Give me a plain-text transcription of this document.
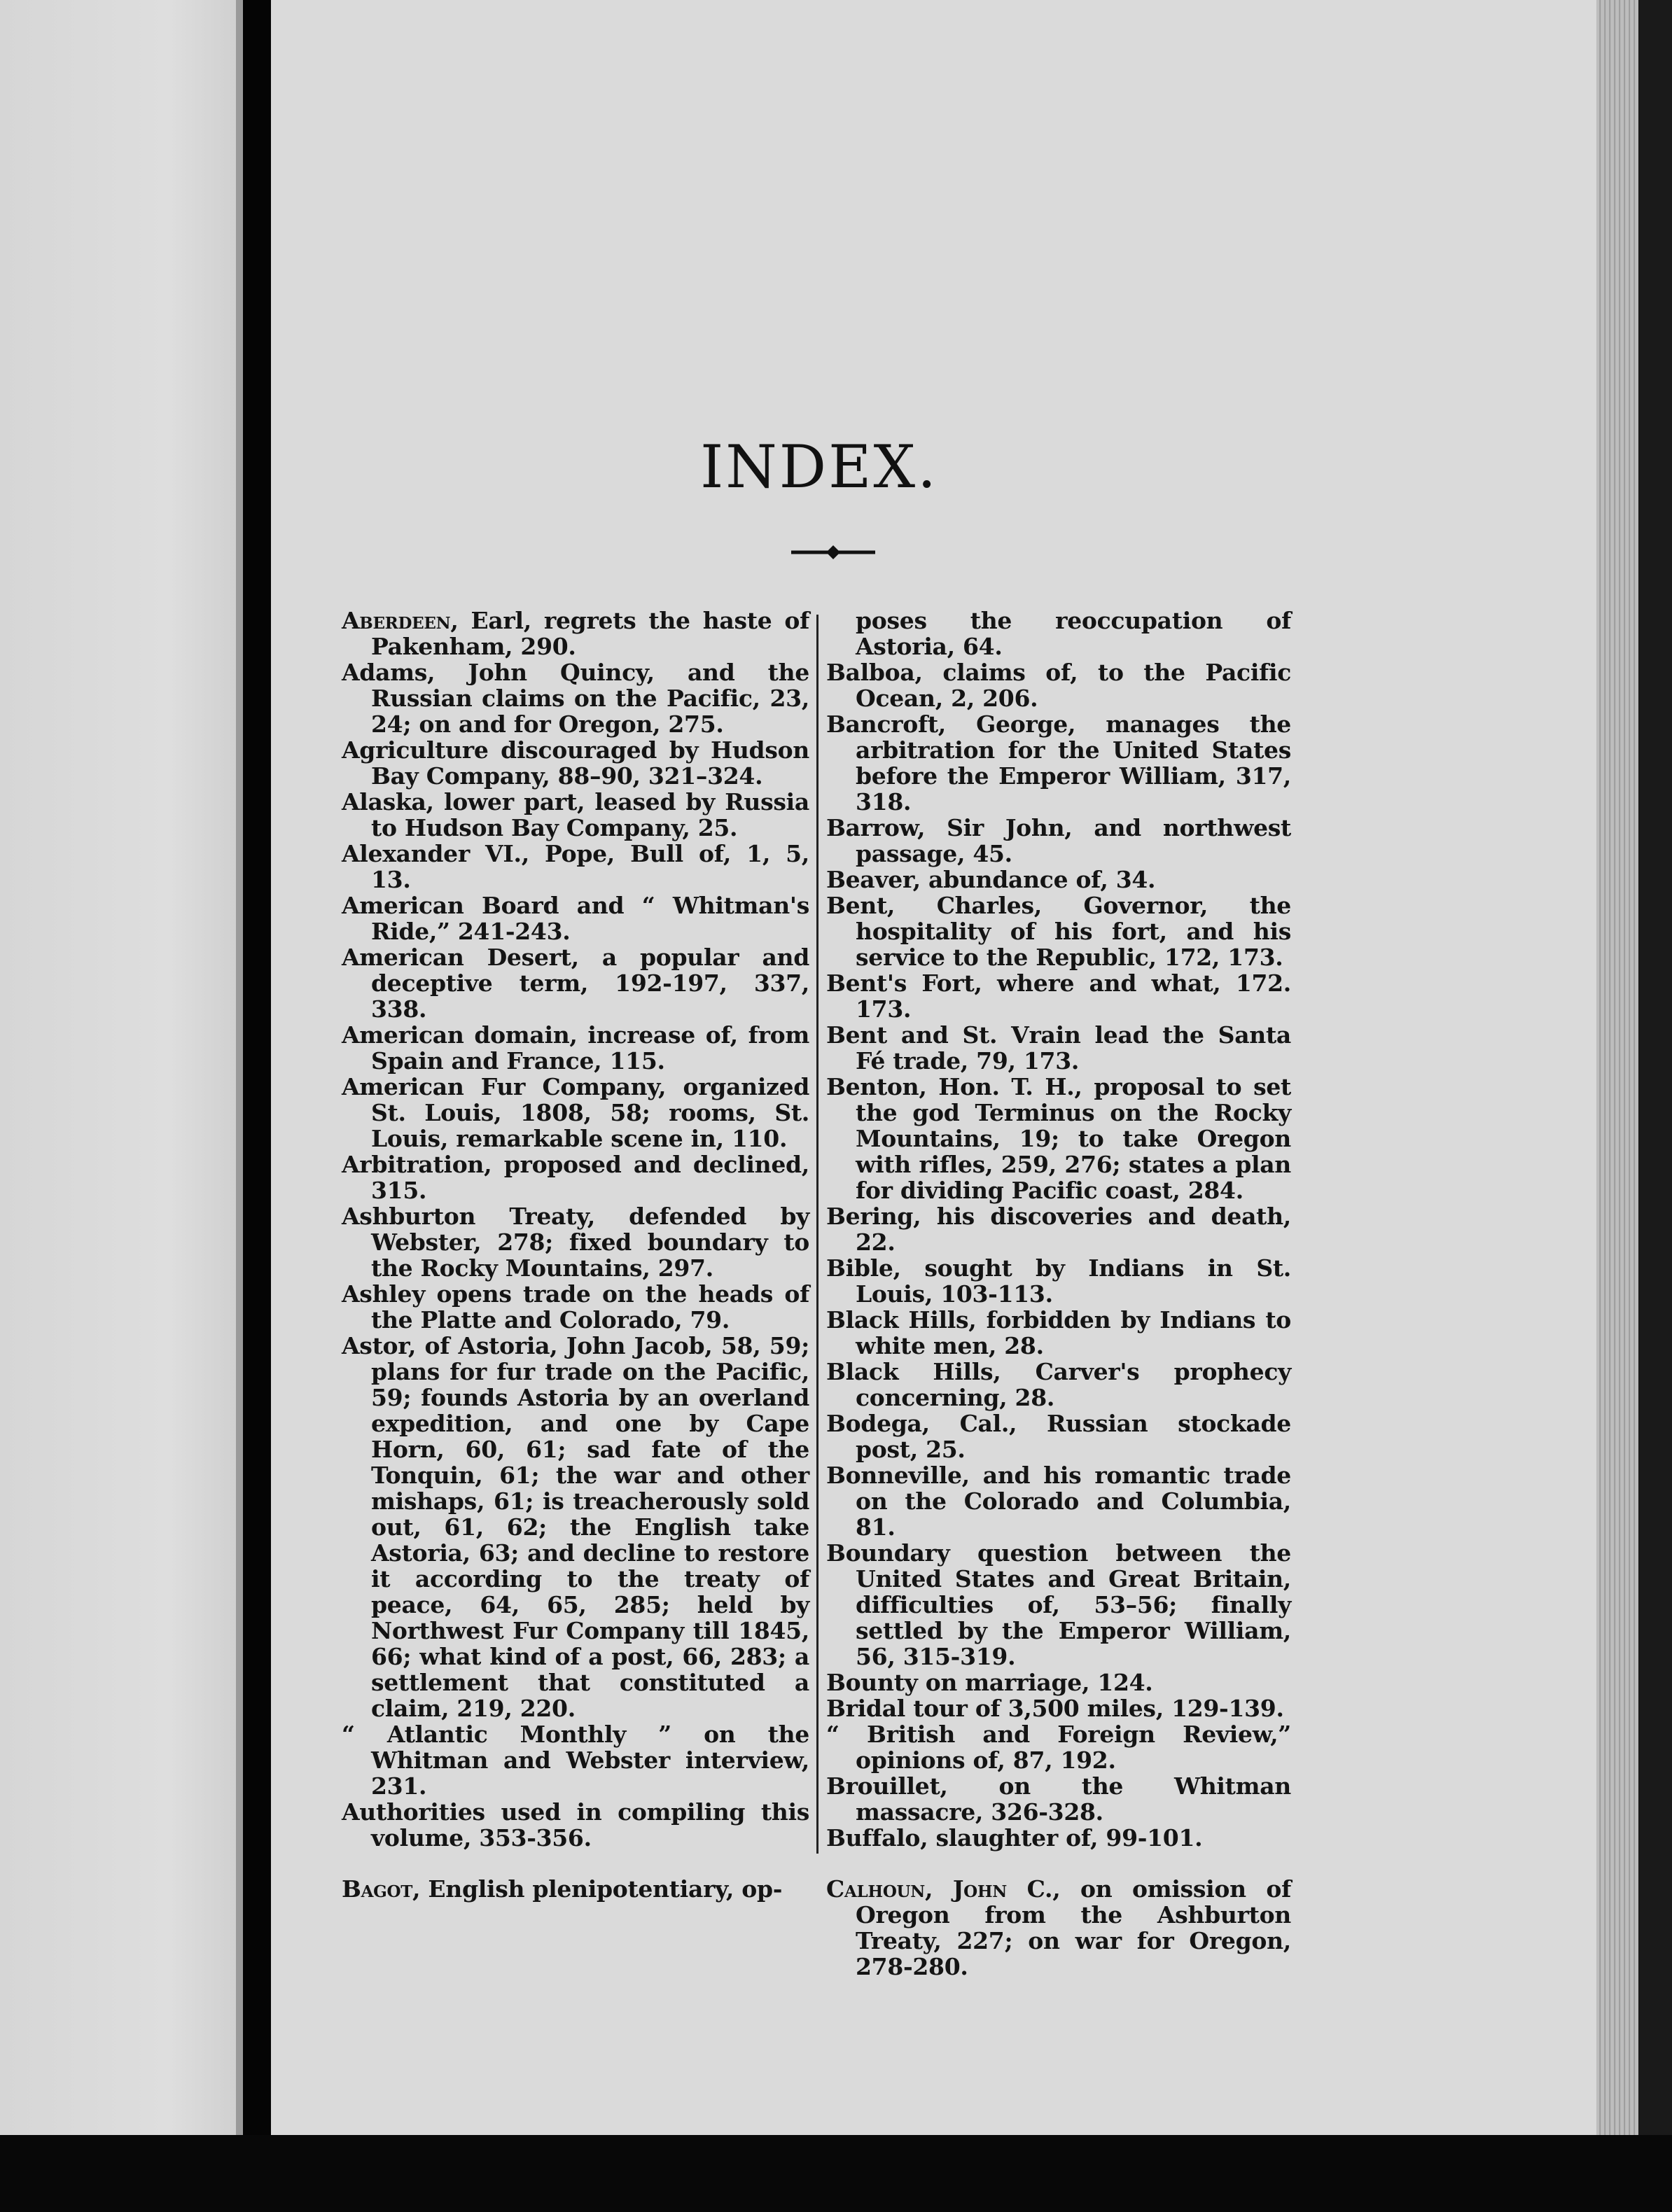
INDEX.

Aberdeen, Earl, regrets the haste of Pakenham, 290.

Adams, John Quincy, and the Russian claims on the Pacific, 23, 24; on and for Oregon, 275.

Agriculture discouraged by Hudson Bay Company, 88–90, 321–324.

Alaska, lower part, leased by Russia to Hudson Bay Company, 25.

Alexander VI., Pope, Bull of, 1, 5, 13.

American Board and “ Whitman's Ride,” 241-243.

American Desert, a popular and deceptive term, 192-197, 337, 338.

American domain, increase of, from Spain and France, 115.

American Fur Company, organized St. Louis, 1808, 58; rooms, St. Louis, remarkable scene in, 110.

Arbitration, proposed and declined, 315.

Ashburton Treaty, defended by Webster, 278; fixed boundary to the Rocky Mountains, 297.

Ashley opens trade on the heads of the Platte and Colorado, 79.

Astor, of Astoria, John Jacob, 58, 59; plans for fur trade on the Pacific, 59; founds Astoria by an overland expedition, and one by Cape Horn, 60, 61; sad fate of the Tonquin, 61; the war and other mishaps, 61; is treacherously sold out, 61, 62; the English take Astoria, 63; and decline to restore it according to the treaty of peace, 64, 65, 285; held by Northwest Fur Company till 1845, 66; what kind of a post, 66, 283; a settlement that constituted a claim, 219, 220.

“ Atlantic Monthly ” on the Whitman and Webster interview, 231.

Authorities used in compiling this volume, 353-356.

Bagot, English plenipotentiary, op-

poses the reoccupation of Astoria, 64.

Balboa, claims of, to the Pacific Ocean, 2, 206.

Bancroft, George, manages the arbitration for the United States before the Emperor William, 317, 318.

Barrow, Sir John, and northwest passage, 45.

Beaver, abundance of, 34.

Bent, Charles, Governor, the hospitality of his fort, and his service to the Republic, 172, 173.

Bent's Fort, where and what, 172. 173.

Bent and St. Vrain lead the Santa Fé trade, 79, 173.

Benton, Hon. T. H., proposal to set the god Terminus on the Rocky Mountains, 19; to take Oregon with rifles, 259, 276; states a plan for dividing Pacific coast, 284.

Bering, his discoveries and death, 22.

Bible, sought by Indians in St. Louis, 103-113.

Black Hills, forbidden by Indians to white men, 28.

Black Hills, Carver's prophecy concerning, 28.

Bodega, Cal., Russian stockade post, 25.

Bonneville, and his romantic trade on the Colorado and Columbia, 81.

Boundary question between the United States and Great Britain, difficulties of, 53–56; finally settled by the Emperor William, 56, 315-319.

Bounty on marriage, 124.

Bridal tour of 3,500 miles, 129-139.

“ British and Foreign Review,” opinions of, 87, 192.

Brouillet, on the Whitman massacre, 326-328.

Buffalo, slaughter of, 99-101.

Calhoun, John C., on omission of Oregon from the Ashburton Treaty, 227; on war for Oregon, 278-280.
